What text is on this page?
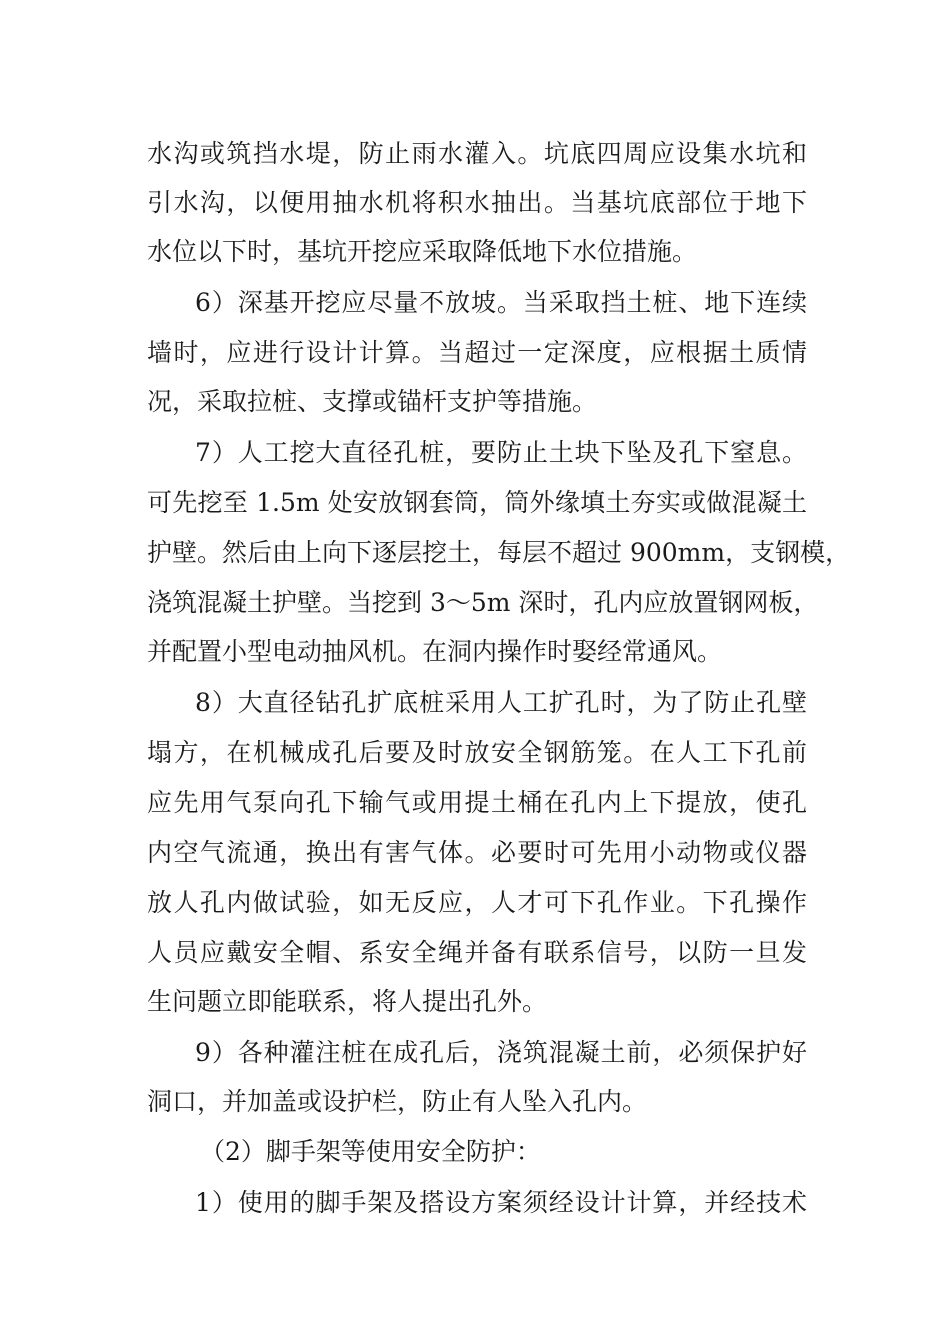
水沟或筑挡水堤，防止雨水灌入。坑底四周应设集水坑和
引水沟，以便用抽水机将积水抽出。当基坑底部位于地下
水位以下时，基坑开挖应采取降低地下水位措施。
6）深基开挖应尽量不放坡。当采取挡土桩、地下连续
墙时，应进行设计计算。当超过一定深度，应根据土质情
况，采取拉桩、支撑或锚杆支护等措施。
7）人工挖大直径孔桩，要防止土块下坠及孔下窒息。
可先挖至 1.5m 处安放钢套筒，筒外缘填土夯实或做混凝土
护壁。然后由上向下逐层挖土，每层不超过 900mm，支钢模，
浇筑混凝土护壁。当挖到 3～5m 深时，孔内应放置钢网板，
并配置小型电动抽风机。在洞内操作时娶经常通风。
8）大直径钻孔扩底桩采用人工扩孔时，为了防止孔壁
塌方，在机械成孔后要及时放安全钢筋笼。在人工下孔前
应先用气泵向孔下输气或用提土桶在孔内上下提放，使孔
内空气流通，换出有害气体。必要时可先用小动物或仪器
放人孔内做试验，如无反应，人才可下孔作业。下孔操作
人员应戴安全帽、系安全绳并备有联系信号，以防一旦发
生问题立即能联系，将人提出孔外。
9）各种灌注桩在成孔后，浇筑混凝土前，必须保护好
洞口，并加盖或设护栏，防止有人坠入孔内。
（2）脚手架等使用安全防护：
1）使用的脚手架及搭设方案须经设计计算，并经技术
